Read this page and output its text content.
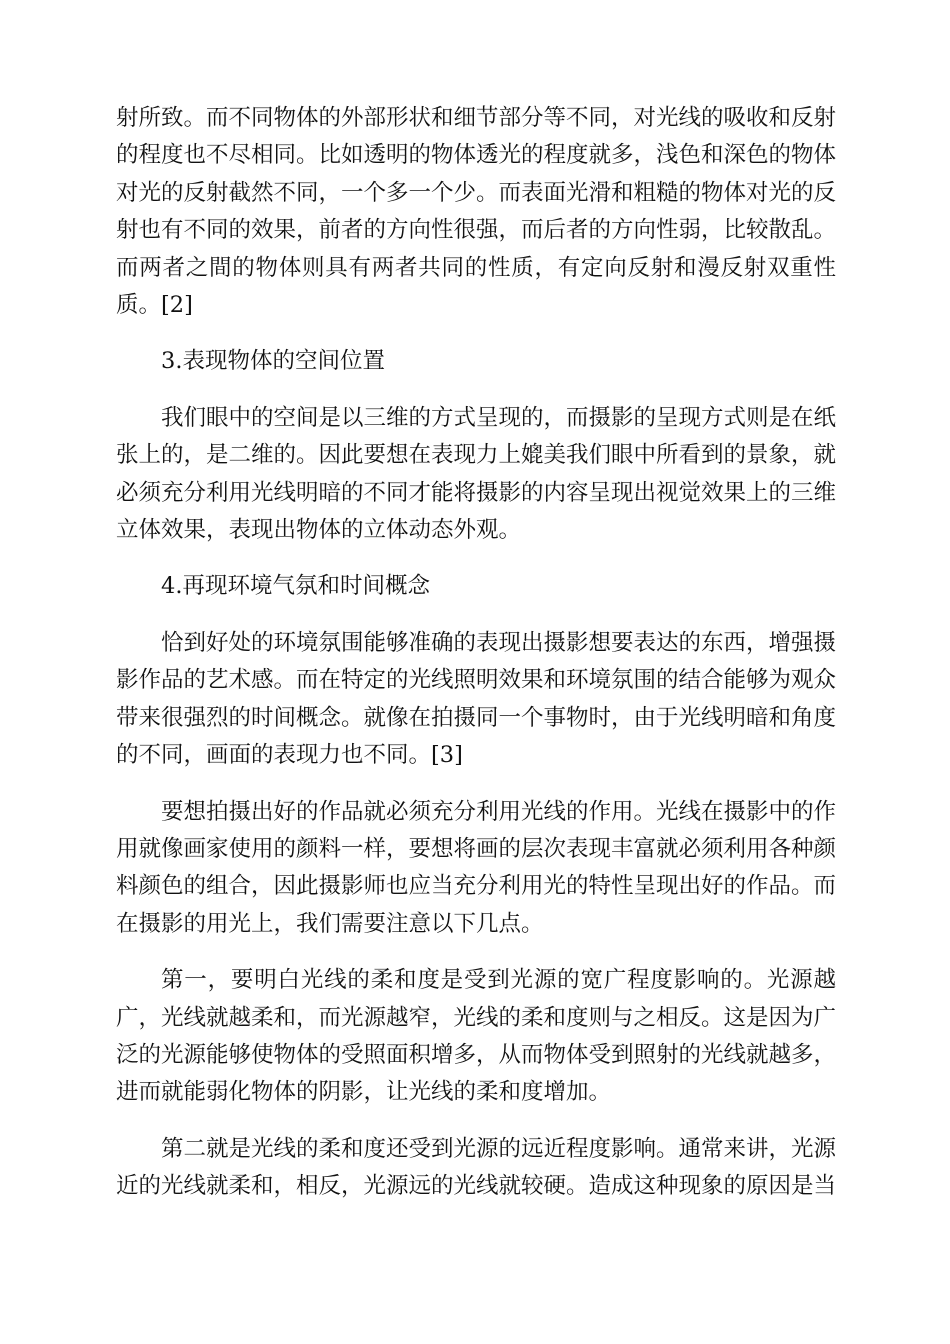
射所致。而不同物体的外部形状和细节部分等不同，对光线的吸收和反射的程度也不尽相同。比如透明的物体透光的程度就多，浅色和深色的物体对光的反射截然不同，一个多一个少。而表面光滑和粗糙的物体对光的反射也有不同的效果，前者的方向性很强，而后者的方向性弱，比较散乱。而两者之間的物体则具有两者共同的性质，有定向反射和漫反射双重性质。[2]

3.表现物体的空间位置

我们眼中的空间是以三维的方式呈现的，而摄影的呈现方式则是在纸张上的，是二维的。因此要想在表现力上媲美我们眼中所看到的景象，就必须充分利用光线明暗的不同才能将摄影的内容呈现出视觉效果上的三维立体效果，表现出物体的立体动态外观。

4.再现环境气氛和时间概念

恰到好处的环境氛围能够准确的表现出摄影想要表达的东西，增强摄影作品的艺术感。而在特定的光线照明效果和环境氛围的结合能够为观众带来很强烈的时间概念。就像在拍摄同一个事物时，由于光线明暗和角度的不同，画面的表现力也不同。[3]

要想拍摄出好的作品就必须充分利用光线的作用。光线在摄影中的作用就像画家使用的颜料一样，要想将画的层次表现丰富就必须利用各种颜料颜色的组合，因此摄影师也应当充分利用光的特性呈现出好的作品。而在摄影的用光上，我们需要注意以下几点。

第一，要明白光线的柔和度是受到光源的宽广程度影响的。光源越广，光线就越柔和，而光源越窄，光线的柔和度则与之相反。这是因为广泛的光源能够使物体的受照面积增多，从而物体受到照射的光线就越多，进而就能弱化物体的阴影，让光线的柔和度增加。

第二就是光线的柔和度还受到光源的远近程度影响。通常来讲，光源近的光线就柔和，相反，光源远的光线就较硬。造成这种现象的原因是当
